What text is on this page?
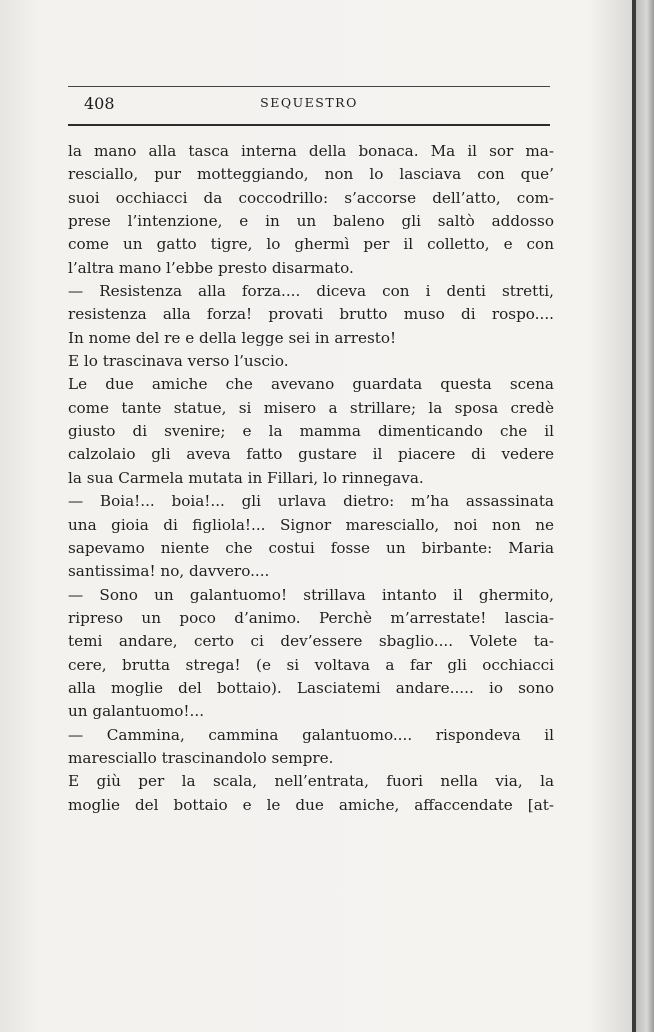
408	SEQUESTRO
la mano alla tasca interna della bonaca. Ma il sor ma-
resciallo, pur motteggiando, non lo lasciava con que’
suoi occhiacci da coccodrillo: s’accorse dell’atto, com-
prese l’intenzione, e in un baleno gli saltò addosso
come un gatto tigre, lo ghermì per il colletto, e con
l’altra mano l’ebbe presto disarmato.
— Resistenza alla forza.... diceva con i denti stretti,
resistenza alla forza! provati brutto muso di rospo....
In nome del re e della legge sei in arresto!
E lo trascinava verso l’uscio.
Le due amiche che avevano guardata questa scena
come tante statue, si misero a strillare; la sposa credè
giusto di svenire; e la mamma dimenticando che il
calzolaio gli aveva fatto gustare il piacere di vedere
la sua Carmela mutata in Fillari, lo rinnegava.
— Boia!... boia!... gli urlava dietro: m’ha assassinata
una gioia di figliola!... Signor maresciallo, noi non ne
sapevamo niente che costui fosse un birbante: Maria
santissima! no, davvero....
— Sono un galantuomo! strillava intanto il ghermito,
ripreso un poco d’animo. Perchè m’arrestate! lascia-
temi andare, certo ci dev’essere sbaglio.... Volete ta-
cere, brutta strega! (e si voltava a far gli occhiacci
alla moglie del bottaio). Lasciatemi andare..... io sono
un galantuomo!...
— Cammina, cammina galantuomo.... rispondeva il
maresciallo trascinandolo sempre.
E giù per la scala, nell’entrata, fuori nella via, la
moglie del bottaio e le due amiche, affaccendate [at-
